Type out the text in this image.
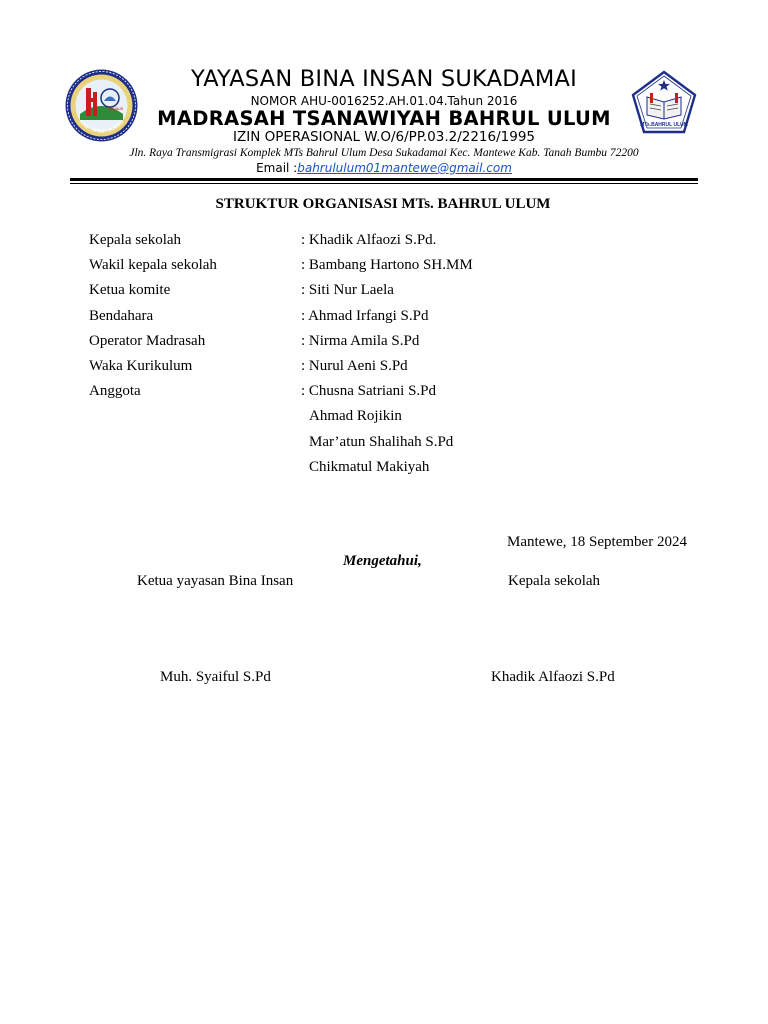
Saijaan
KAB. TANAH BUMBU	MTs.BAHRUL ULUM
YAYASAN BINA INSAN SUKADAMAI
NOMOR AHU-0016252.AH.01.04.Tahun 2016
MADRASAH TSANAWIYAH BAHRUL ULUM
IZIN OPERASIONAL W.O/6/PP.03.2/2216/1995
Jln. Raya Transmigrasi Komplek MTs Bahrul Ulum Desa Sukadamai Kec. Mantewe Kab. Tanah Bumbu 72200
Email :bahrululum01mantewe@gmail.com
STRUKTUR ORGANISASI MTs. BAHRUL ULUM
Kepala sekolah	: Khadik Alfaozi S.Pd.
Wakil kepala sekolah	: Bambang Hartono SH.MM
Ketua komite	: Siti Nur Laela
Bendahara	: Ahmad Irfangi S.Pd
Operator Madrasah	: Nirma Amila S.Pd
Waka Kurikulum	: Nurul Aeni S.Pd
Anggota	: Chusna Satriani S.Pd
Ahmad Rojikin
Mar’atun Shalihah S.Pd
Chikmatul Makiyah
Mantewe, 18 September 2024
Mengetahui,
Ketua yayasan Bina Insan	Kepala sekolah
Muh. Syaiful S.Pd	Khadik Alfaozi S.Pd
